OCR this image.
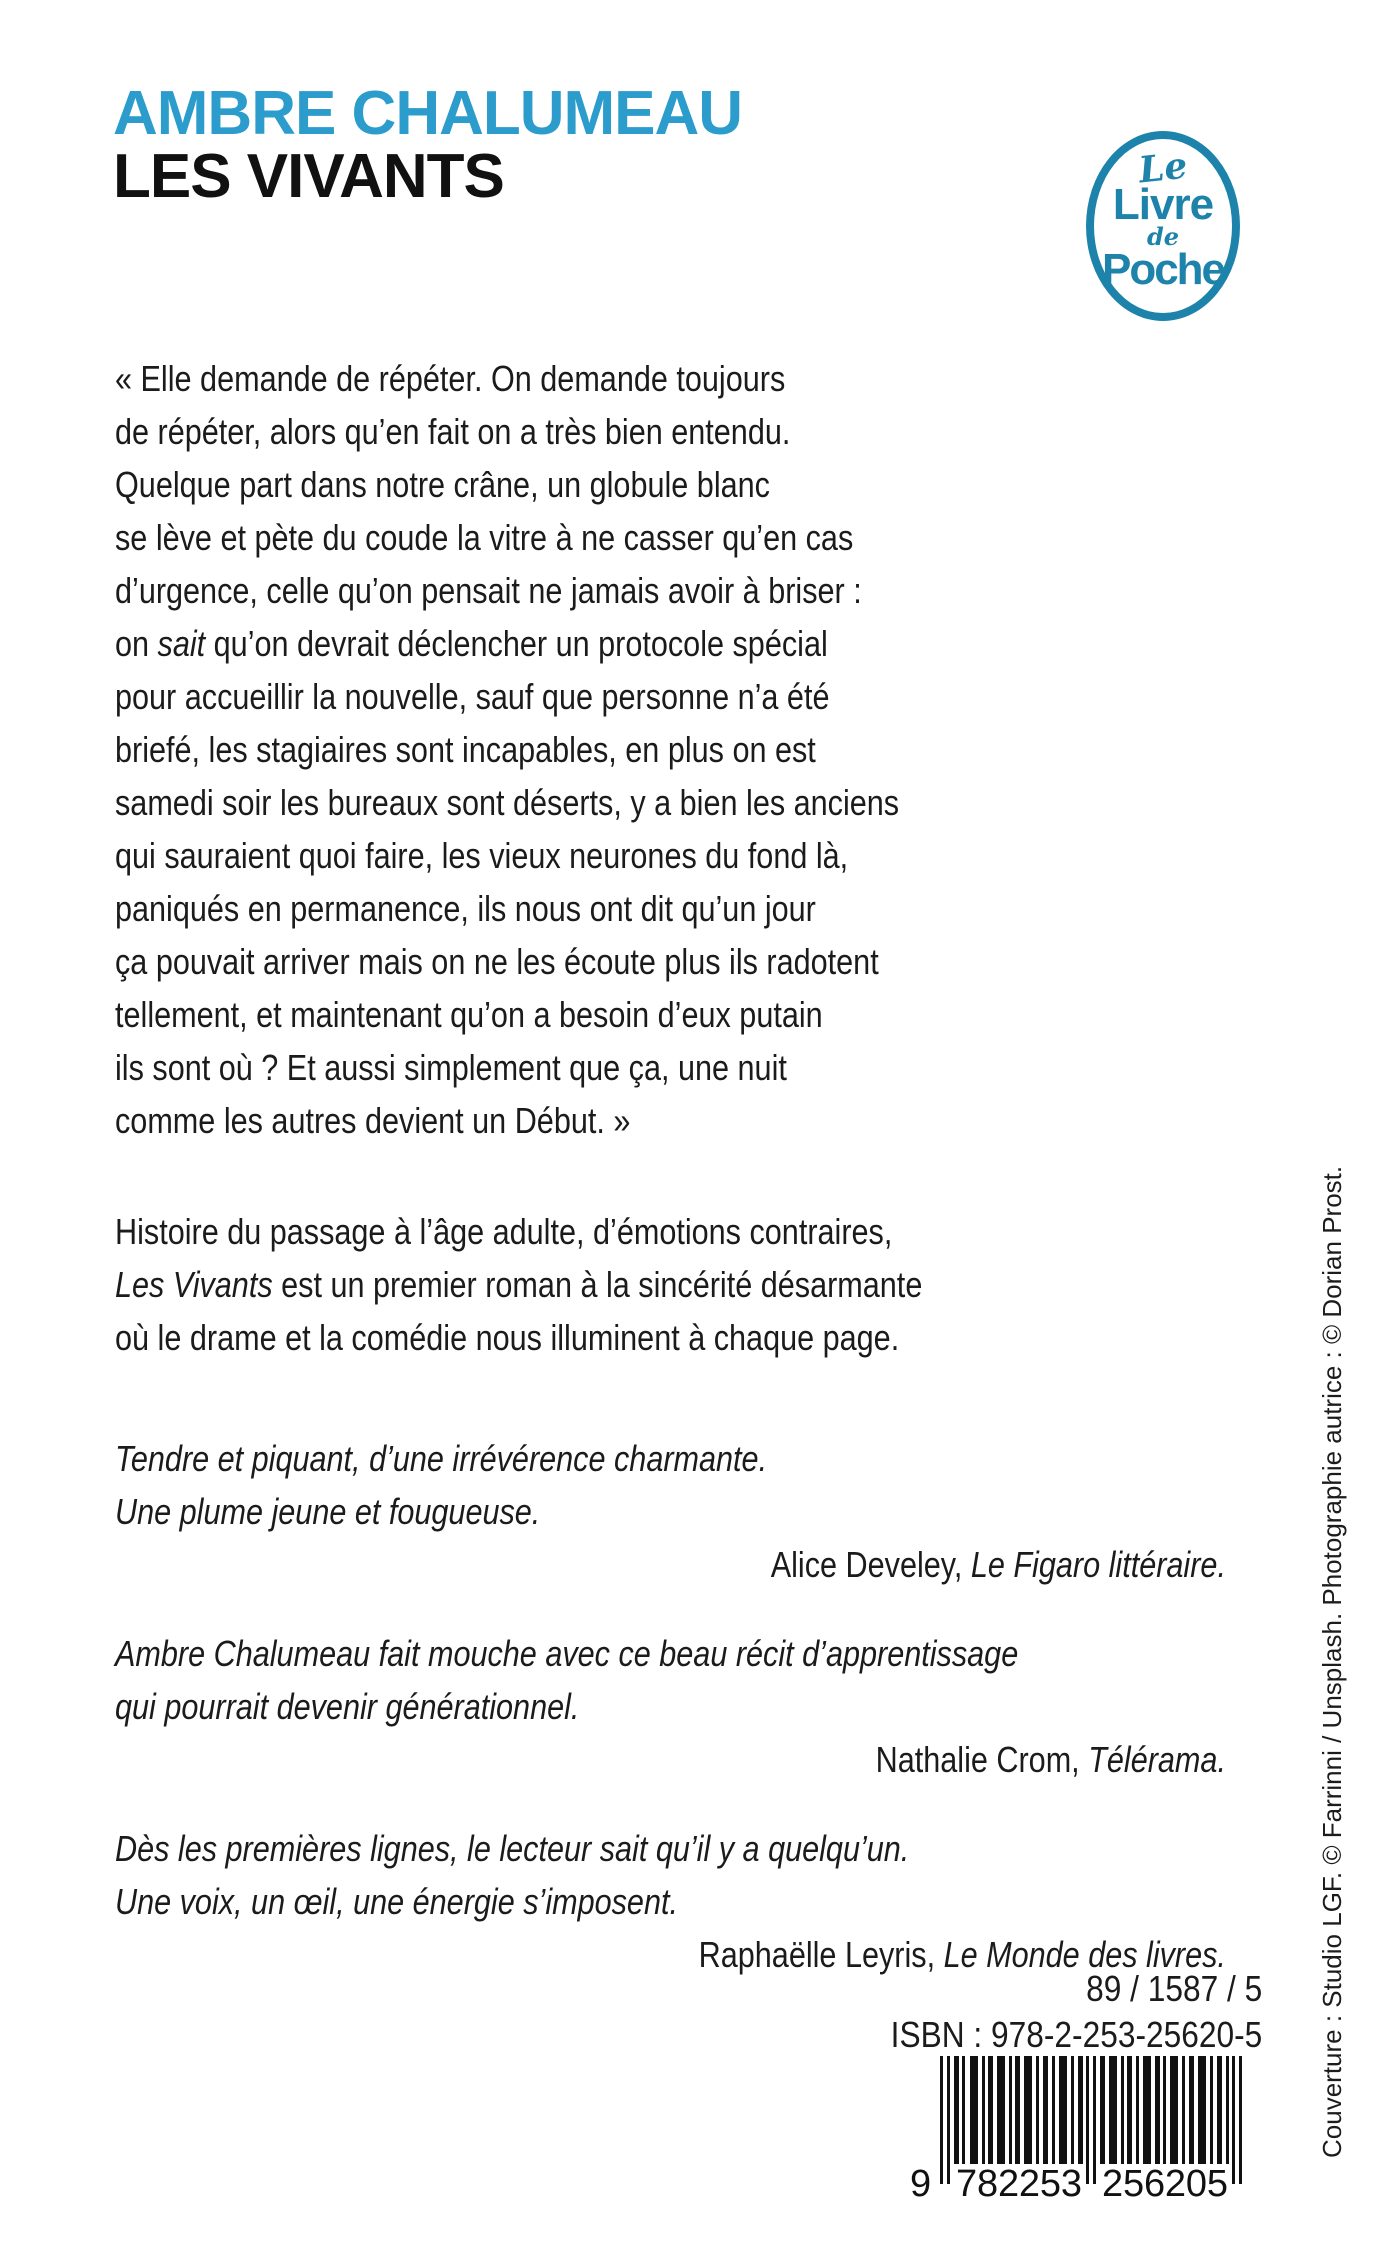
AMBRE CHALUMEAU
LES VIVANTS	Le
Livre
de
Poche
« Elle demande de répéter. On demande toujours
de répéter, alors qu’en fait on a très bien entendu.
Quelque part dans notre crâne, un globule blanc
se lève et pète du coude la vitre à ne casser qu’en cas
d’urgence, celle qu’on pensait ne jamais avoir à briser :
on sait qu’on devrait déclencher un protocole spécial
pour accueillir la nouvelle, sauf que personne n’a été
briefé, les stagiaires sont incapables, en plus on est
samedi soir les bureaux sont déserts, y a bien les anciens
qui sauraient quoi faire, les vieux neurones du fond là,
paniqués en permanence, ils nous ont dit qu’un jour
ça pouvait arriver mais on ne les écoute plus ils radotent
tellement, et maintenant qu’on a besoin d’eux putain
ils sont où ? Et aussi simplement que ça, une nuit
comme les autres devient un Début. »
Histoire du passage à l’âge adulte, d’émotions contraires,
Les Vivants est un premier roman à la sincérité désarmante
où le drame et la comédie nous illuminent à chaque page.
Tendre et piquant, d’une irrévérence charmante.
Une plume jeune et fougueuse.
Alice Develey, Le Figaro littéraire.
Ambre Chalumeau fait mouche avec ce beau récit d’apprentissage
qui pourrait devenir générationnel.
Nathalie Crom, Télérama.
Dès les premières lignes, le lecteur sait qu’il y a quelqu’un.
Une voix, un œil, une énergie s’imposent.
Raphaëlle Leyris, Le Monde des livres.
89 / 1587 / 5
ISBN : 978-2-253-25620-5
9 782253 256205
Couverture : Studio LGF. © Farrinni / Unsplash. Photographie autrice : © Dorian Prost.
